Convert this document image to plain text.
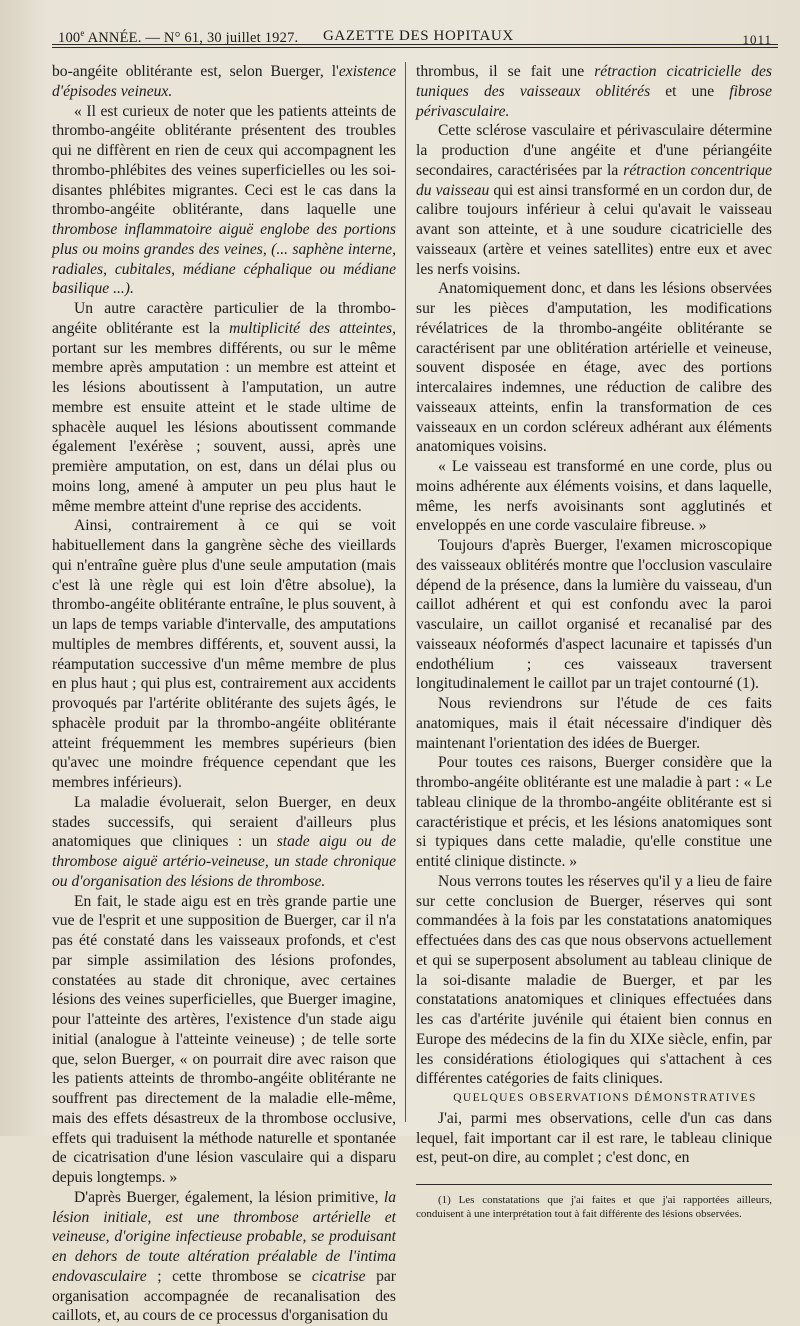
100e ANNÉE. — N° 61, 30 juillet 1927. GAZETTE DES HOPITAUX	1011

bo-angéite oblitérante est, selon Buerger, l'existence d'épisodes veineux.

« Il est curieux de noter que les patients atteints de thrombo-angéite oblitérante présentent des troubles qui ne diffèrent en rien de ceux qui accompagnent les thrombo-phlébites des veines superficielles ou les soi-disantes phlébites migrantes. Ceci est le cas dans la thrombo-angéite oblitérante, dans laquelle une thrombose inflammatoire aiguë englobe des portions plus ou moins grandes des veines, (... saphène interne, radiales, cubitales, médiane céphalique ou médiane basilique ...).

Un autre caractère particulier de la thrombo-angéite oblitérante est la multiplicité des atteintes, portant sur les membres différents, ou sur le même membre après amputation : un membre est atteint et les lésions aboutissent à l'amputation, un autre membre est ensuite atteint et le stade ultime de sphacèle auquel les lésions aboutissent commande également l'exérèse ; souvent, aussi, après une première amputation, on est, dans un délai plus ou moins long, amené à amputer un peu plus haut le même membre atteint d'une reprise des accidents.

Ainsi, contrairement à ce qui se voit habituellement dans la gangrène sèche des vieillards qui n'entraîne guère plus d'une seule amputation (mais c'est là une règle qui est loin d'être absolue), la thrombo-angéite oblitérante entraîne, le plus souvent, à un laps de temps variable d'intervalle, des amputations multiples de membres différents, et, souvent aussi, la réamputation successive d'un même membre de plus en plus haut ; qui plus est, contrairement aux accidents provoqués par l'artérite oblitérante des sujets âgés, le sphacèle produit par la thrombo-angéite oblitérante atteint fréquemment les membres supérieurs (bien qu'avec une moindre fréquence cependant que les membres inférieurs).

La maladie évoluerait, selon Buerger, en deux stades successifs, qui seraient d'ailleurs plus anatomiques que cliniques : un stade aigu ou de thrombose aiguë artério-veineuse, un stade chronique ou d'organisation des lésions de thrombose.

En fait, le stade aigu est en très grande partie une vue de l'esprit et une supposition de Buerger, car il n'a pas été constaté dans les vaisseaux profonds, et c'est par simple assimilation des lésions profondes, constatées au stade dit chronique, avec certaines lésions des veines superficielles, que Buerger imagine, pour l'atteinte des artères, l'existence d'un stade aigu initial (analogue à l'atteinte veineuse) ; de telle sorte que, selon Buerger, « on pourrait dire avec raison que les patients atteints de thrombo-angéite oblitérante ne souffrent pas directement de la maladie elle-même, mais des effets désastreux de la thrombose occlusive, effets qui traduisent la méthode naturelle et spontanée de cicatrisation d'une lésion vasculaire qui a disparu depuis longtemps. »

D'après Buerger, également, la lésion primitive, la lésion initiale, est une thrombose artérielle et veineuse, d'origine infectieuse probable, se produisant en dehors de toute altération préalable de l'intima endovasculaire ; cette thrombose se cicatrise par organisation accompagnée de recanalisation des caillots, et, au cours de ce processus d'organisation du

thrombus, il se fait une rétraction cicatricielle des tuniques des vaisseaux oblitérés et une fibrose périvasculaire.

Cette sclérose vasculaire et périvasculaire détermine la production d'une angéite et d'une périangéite secondaires, caractérisées par la rétraction concentrique du vaisseau qui est ainsi transformé en un cordon dur, de calibre toujours inférieur à celui qu'avait le vaisseau avant son atteinte, et à une soudure cicatricielle des vaisseaux (artère et veines satellites) entre eux et avec les nerfs voisins.

Anatomiquement donc, et dans les lésions observées sur les pièces d'amputation, les modifications révélatrices de la thrombo-angéite oblitérante se caractérisent par une oblitération artérielle et veineuse, souvent disposée en étage, avec des portions intercalaires indemnes, une réduction de calibre des vaisseaux atteints, enfin la transformation de ces vaisseaux en un cordon scléreux adhérant aux éléments anatomiques voisins.

« Le vaisseau est transformé en une corde, plus ou moins adhérente aux éléments voisins, et dans laquelle, même, les nerfs avoisinants sont agglutinés et enveloppés en une corde vasculaire fibreuse. »

Toujours d'après Buerger, l'examen microscopique des vaisseaux oblitérés montre que l'occlusion vasculaire dépend de la présence, dans la lumière du vaisseau, d'un caillot adhérent et qui est confondu avec la paroi vasculaire, un caillot organisé et recanalisé par des vaisseaux néoformés d'aspect lacunaire et tapissés d'un endothélium ; ces vaisseaux traversent longitudinalement le caillot par un trajet contourné (1).

Nous reviendrons sur l'étude de ces faits anatomiques, mais il était nécessaire d'indiquer dès maintenant l'orientation des idées de Buerger.

Pour toutes ces raisons, Buerger considère que la thrombo-angéite oblitérante est une maladie à part : « Le tableau clinique de la thrombo-angéite oblitérante est si caractéristique et précis, et les lésions anatomiques sont si typiques dans cette maladie, qu'elle constitue une entité clinique distincte. »

Nous verrons toutes les réserves qu'il y a lieu de faire sur cette conclusion de Buerger, réserves qui sont commandées à la fois par les constatations anatomiques effectuées dans des cas que nous observons actuellement et qui se superposent absolument au tableau clinique de la soi-disante maladie de Buerger, et par les constatations anatomiques et cliniques effectuées dans les cas d'artérite juvénile qui étaient bien connus en Europe des médecins de la fin du XIXe siècle, enfin, par les considérations étiologiques qui s'attachent à ces différentes catégories de faits cliniques.

QUELQUES OBSERVATIONS DÉMONSTRATIVES

J'ai, parmi mes observations, celle d'un cas dans lequel, fait important car il est rare, le tableau clinique est, peut-on dire, au complet ; c'est donc, en

(1) Les constatations que j'ai faites et que j'ai rapportées ailleurs, conduisent à une interprétation tout à fait différente des lésions observées.
